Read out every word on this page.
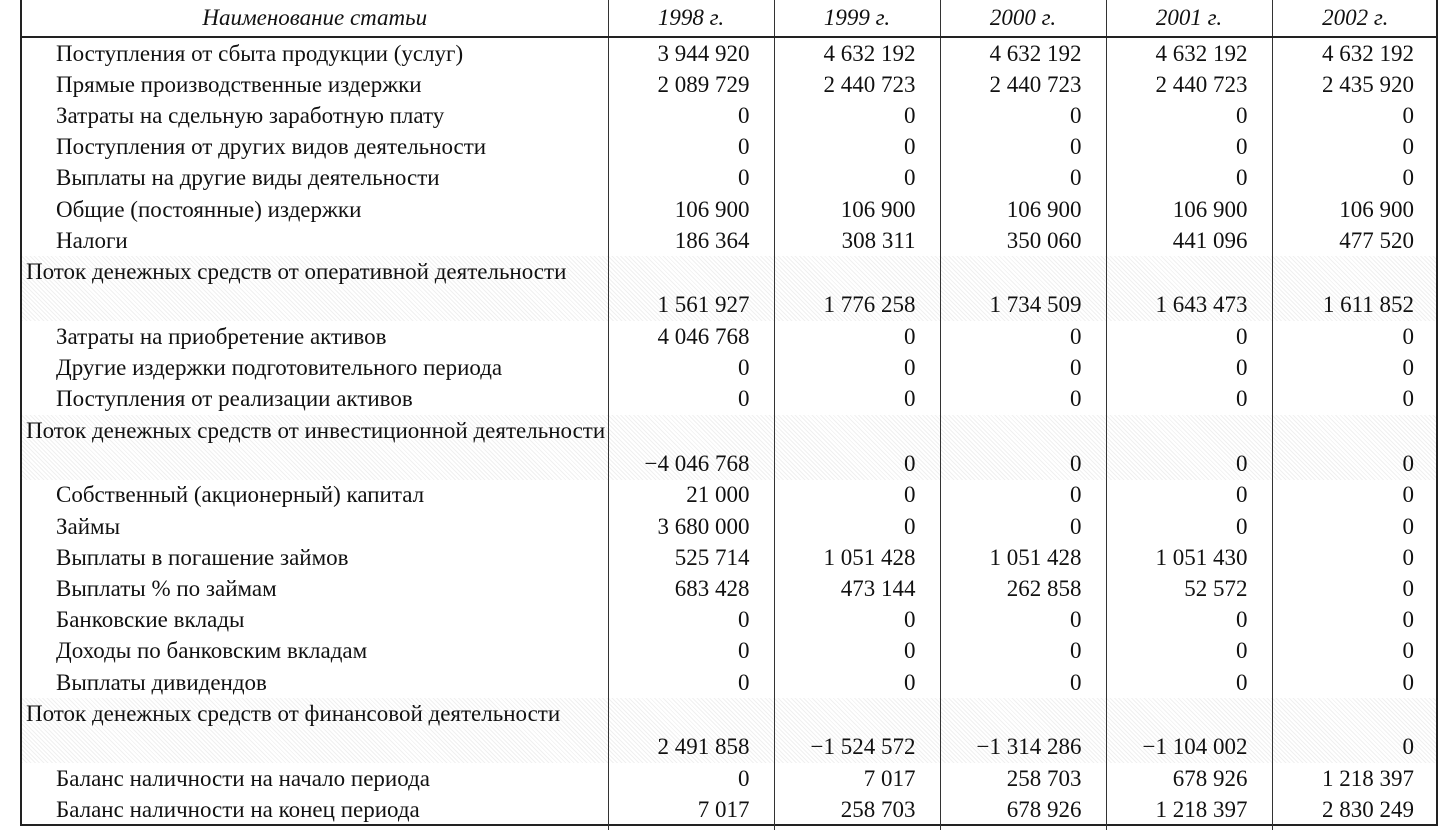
Наименование статьи	1998 г.	1999 г.	2000 г.	2001 г.	2002 г.
Поступления от сбыта продукции (услуг)	3 944 920	4 632 192	4 632 192	4 632 192	4 632 192
Прямые производственные издержки	2 089 729	2 440 723	2 440 723	2 440 723	2 435 920
Затраты на сдельную заработную плату	0	0	0	0	0
Поступления от других видов деятельности	0	0	0	0	0
Выплаты на другие виды деятельности	0	0	0	0	0
Общие (постоянные) издержки	106 900	106 900	106 900	106 900	106 900
Налоги	186 364	308 311	350 060	441 096	477 520
Поток денежных средств от оперативной деятельности	1 561 927	1 776 258	1 734 509	1 643 473	1 611 852
Затраты на приобретение активов	4 046 768	0	0	0	0
Другие издержки подготовительного периода	0	0	0	0	0
Поступления от реализации активов	0	0	0	0	0
Поток денежных средств от инвестиционной деятельности	−4 046 768	0	0	0	0
Собственный (акционерный) капитал	21 000	0	0	0	0
Займы	3 680 000	0	0	0	0
Выплаты в погашение займов	525 714	1 051 428	1 051 428	1 051 430	0
Выплаты % по займам	683 428	473 144	262 858	52 572	0
Банковские вклады	0	0	0	0	0
Доходы по банковским вкладам	0	0	0	0	0
Выплаты дивидендов	0	0	0	0	0
Поток денежных средств от финансовой деятельности	2 491 858	−1 524 572	−1 314 286	−1 104 002	0
Баланс наличности на начало периода	0	7 017	258 703	678 926	1 218 397
Баланс наличности на конец периода	7 017	258 703	678 926	1 218 397	2 830 249
